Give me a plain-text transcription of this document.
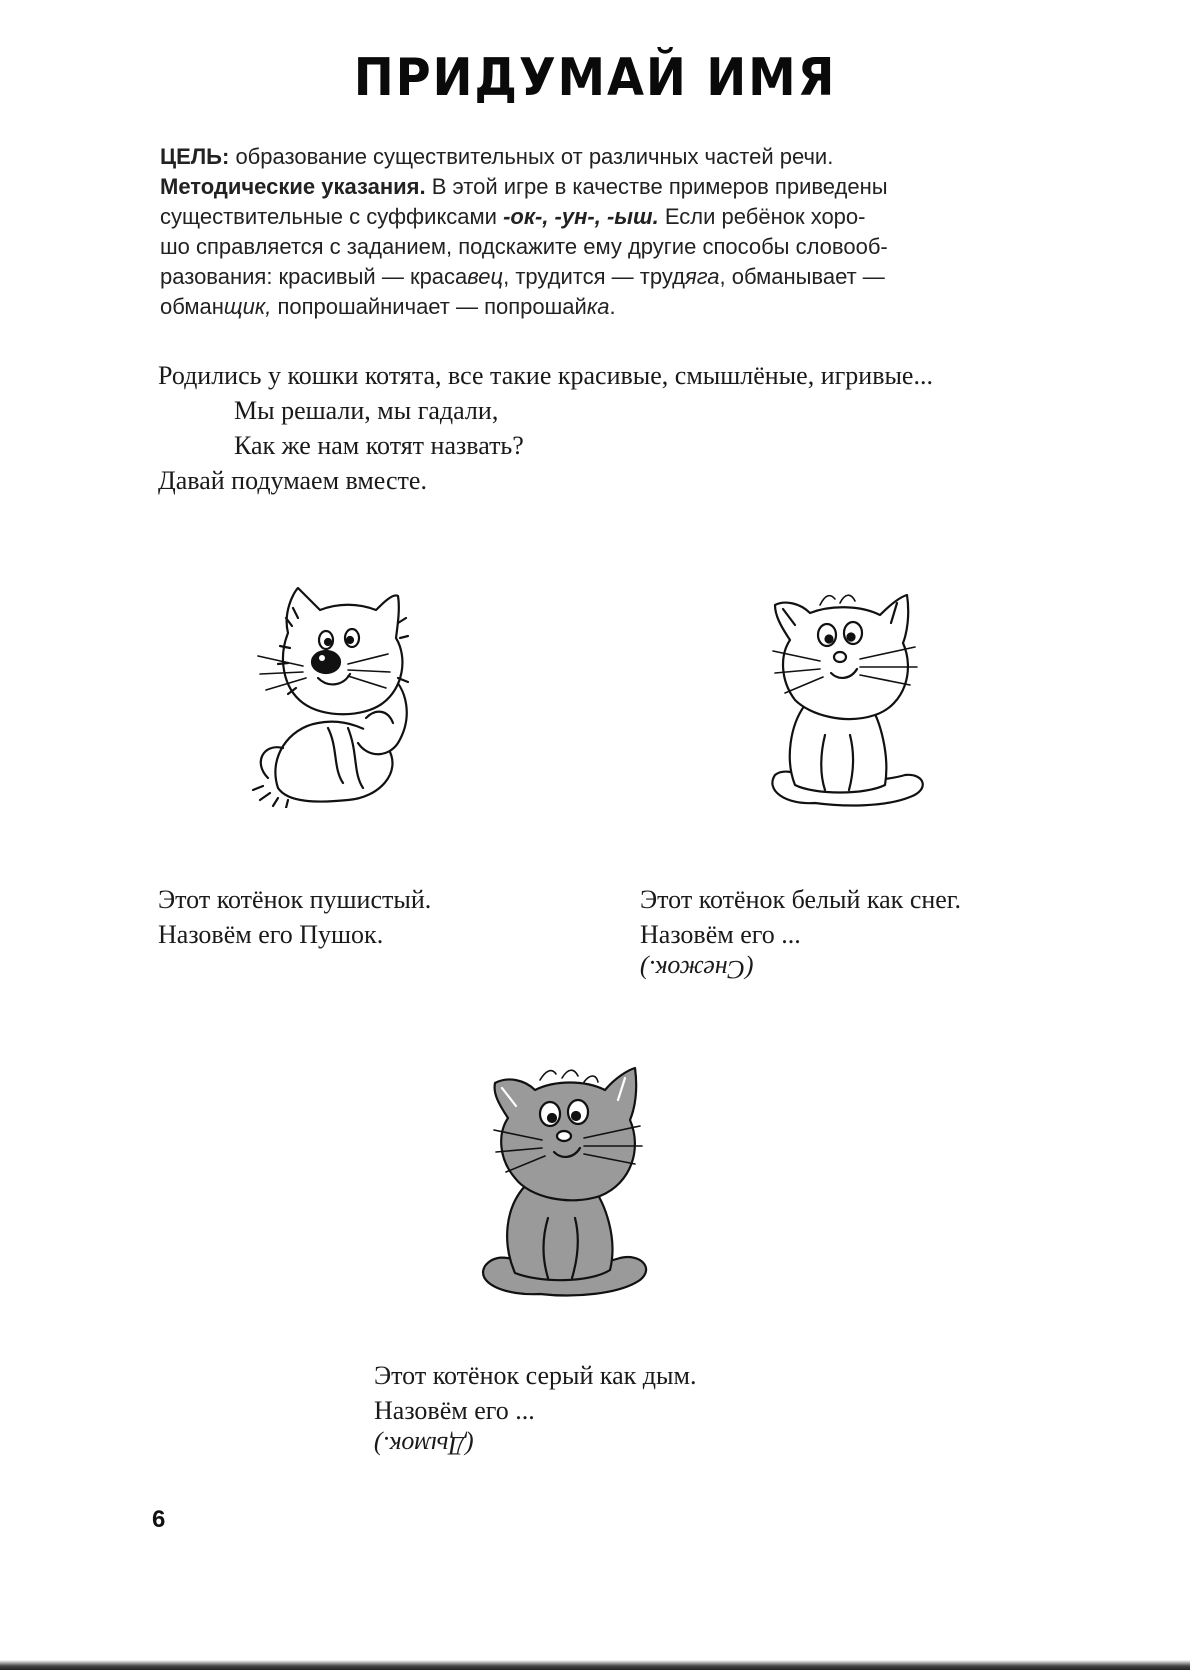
ПРИДУМАЙ ИМЯ
ЦЕЛЬ: образование существительных от различных частей речи.
Методические указания. В этой игре в качестве примеров приведены
существительные с суффиксами -ок-, -ун-, -ыш. Если ребёнок хоро-
шо справляется с заданием, подскажите ему другие способы словооб-
разования: красивый — красавец, трудится — трудяга, обманывает —
обманщик, попрошайничает — попрошайка.
Родились у кошки котята, все такие красивые, смышлёные, игривые...
Мы решали, мы гадали,
Как же нам котят назвать?
Давай подумаем вместе.
Этот котёнок пушистый.
Назовём его Пушок.
Этот котёнок белый как снег.
Назовём его ...
(Снежок.)
Этот котёнок серый как дым.
Назовём его ...
(Дымок.)
6
